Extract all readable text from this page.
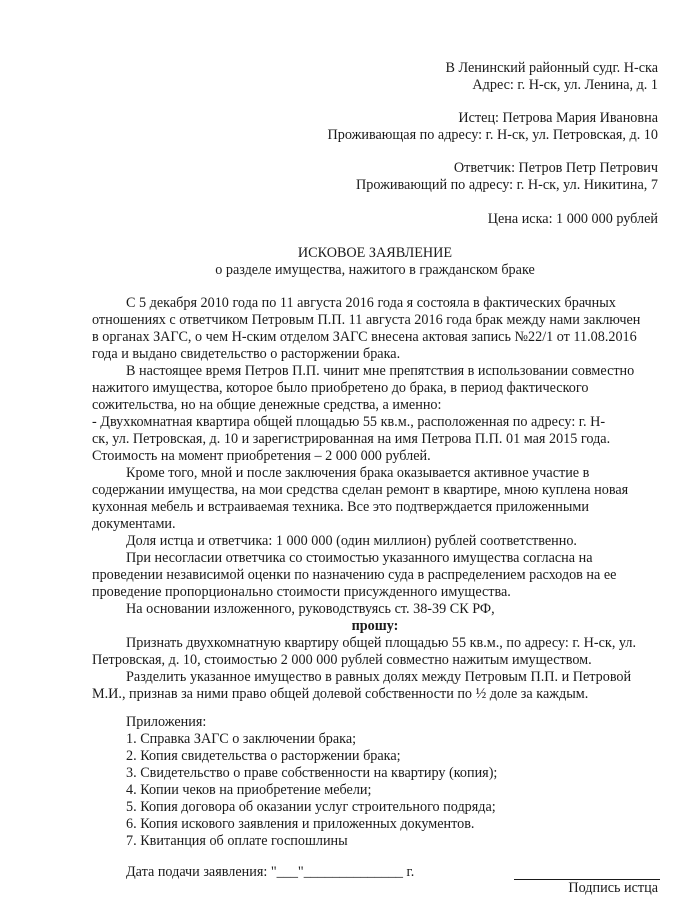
В Ленинский районный судг. Н-ска
Адрес: г. Н-ск, ул. Ленина, д. 1
Истец: Петрова Мария Ивановна
Проживающая по адресу: г. Н-ск, ул. Петровская, д. 10
Ответчик: Петров Петр Петрович
Проживающий по адресу: г. Н-ск, ул. Никитина, 7
Цена иска: 1 000 000 рублей
ИСКОВОЕ ЗАЯВЛЕНИЕ
о разделе имущества, нажитого в гражданском браке
С 5 декабря 2010 года по 11 августа 2016 года я состояла в фактических брачных
отношениях с ответчиком Петровым П.П. 11 августа 2016 года брак между нами заключен
в органах ЗАГС, о чем Н-ским отделом ЗАГС внесена актовая запись №22/1 от 11.08.2016
года и выдано свидетельство о расторжении брака.
В настоящее время Петров П.П. чинит мне препятствия в использовании совместно
нажитого имущества, которое было приобретено до брака, в период фактического
сожительства, но на общие денежные средства, а именно:
- Двухкомнатная квартира общей площадью 55 кв.м., расположенная по адресу: г. Н-
ск, ул. Петровская, д. 10 и зарегистрированная на имя Петрова П.П. 01 мая 2015 года.
Стоимость на момент приобретения – 2 000 000 рублей.
Кроме того, мной и после заключения брака оказывается активное участие в
содержании имущества, на мои средства сделан ремонт в квартире, мною куплена новая
кухонная мебель и встраиваемая техника. Все это подтверждается приложенными
документами.
Доля истца и ответчика: 1 000 000 (один миллион) рублей соответственно.
При несогласии ответчика со стоимостью указанного имущества согласна на
проведении независимой оценки по назначению суда в распределением расходов на ее
проведение пропорционально стоимости присужденного имущества.
На основании изложенного, руководствуясь ст. 38-39 СК РФ,
прошу:
Признать двухкомнатную квартиру общей площадью 55 кв.м., по адресу: г. Н-ск, ул.
Петровская, д. 10, стоимостью 2 000 000 рублей совместно нажитым имуществом.
Разделить указанное имущество в равных долях между Петровым П.П. и Петровой
М.И., признав за ними право общей долевой собственности по ½ доле за каждым.
Приложения:
1. Справка ЗАГС о заключении брака;
2. Копия свидетельства о расторжении брака;
3. Свидетельство о праве собственности на квартиру (копия);
4. Копии чеков на приобретение мебели;
5. Копия договора об оказании услуг строительного подряда;
6. Копия искового заявления и приложенных документов.
7. Квитанция об оплате госпошлины
Дата подачи заявления: "___"______________ г.
Подпись истца
